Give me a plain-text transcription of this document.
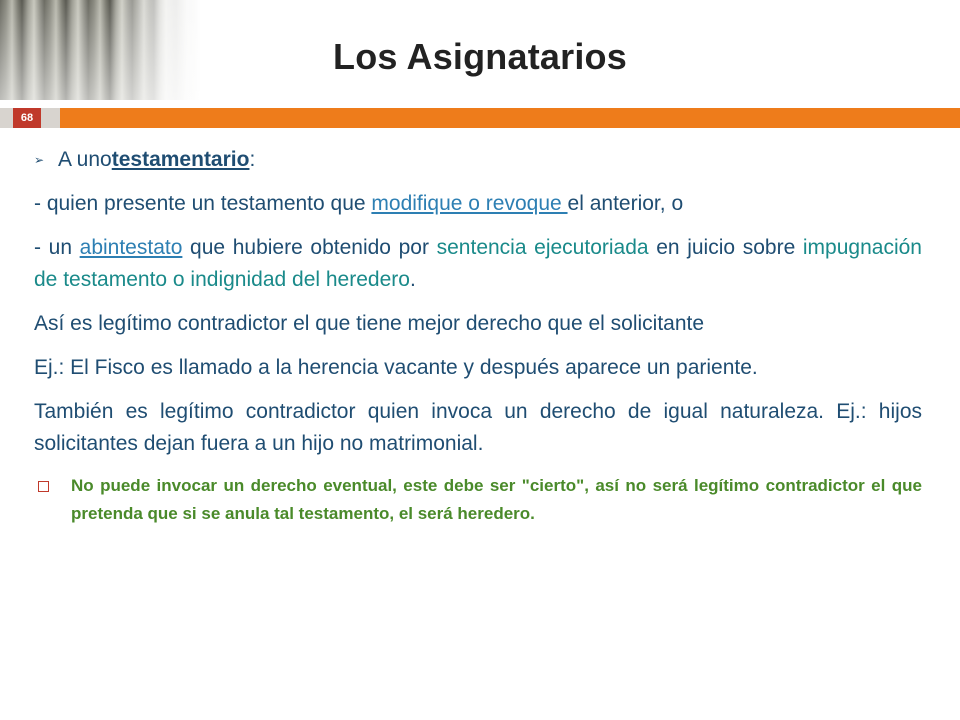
Los Asignatarios
68

➢ A uno testamentario :

- quien presente un testamento que modifique o revoque el anterior, o

- un abintestato que hubiere obtenido por sentencia ejecutoriada en juicio sobre impugnación de testamento o indignidad del heredero.

Así es legítimo contradictor el que tiene mejor derecho que el solicitante

Ej.: El Fisco es llamado a la herencia vacante y después aparece un pariente.

También es legítimo contradictor quien invoca un derecho de igual naturaleza. Ej.: hijos solicitantes dejan fuera a un hijo no matrimonial.

No puede invocar un derecho eventual, este debe ser "cierto", así no será legítimo contradictor el que pretenda que si se anula tal testamento, el será heredero.
